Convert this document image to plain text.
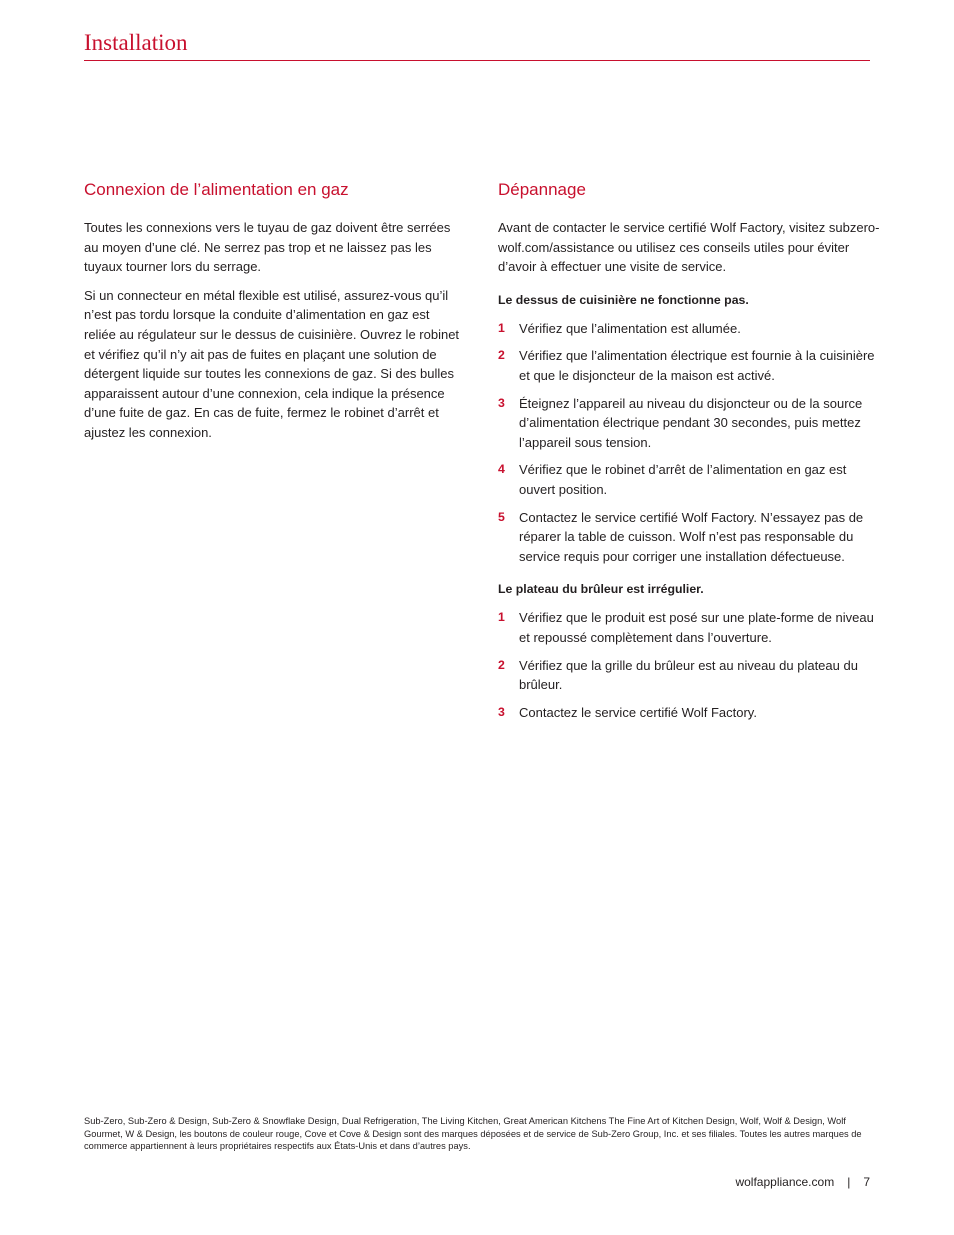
Installation
Connexion de l’alimentation en gaz

Toutes les connexions vers le tuyau de gaz doivent être serrées au moyen d’une clé. Ne serrez pas trop et ne laissez pas les tuyaux tourner lors du serrage.

Si un connecteur en métal flexible est utilisé, assurez-vous qu’il n’est pas tordu lorsque la conduite d’alimentation en gaz est reliée au régulateur sur le dessus de cuisinière. Ouvrez le robinet et vérifiez qu’il n’y ait pas de fuites en plaçant une solution de détergent liquide sur toutes les connexions de gaz. Si des bulles apparaissent autour d’une connexion, cela indique la présence d’une fuite de gaz. En cas de fuite, fermez le robinet d’arrêt et ajustez les connexion.

Dépannage

Avant de contacter le service certifié Wolf Factory, visitez subzero-wolf.com/assistance ou utilisez ces conseils utiles pour éviter d’avoir à effectuer une visite de service.

Le dessus de cuisinière ne fonctionne pas.
1	Vérifiez que l’alimentation est allumée.
2	Vérifiez que l’alimentation électrique est fournie à la cuisinière et que le disjoncteur de la maison est activé.
3	Éteignez l’appareil au niveau du disjoncteur ou de la source d’alimentation électrique pendant 30 secondes, puis mettez l’appareil sous tension.
4	Vérifiez que le robinet d’arrêt de l’alimentation en gaz est ouvert position.
5	Contactez le service certifié Wolf Factory. N’essayez pas de réparer la table de cuisson. Wolf n’est pas responsable du service requis pour corriger une installation défectueuse.
Le plateau du brûleur est irrégulier.
1	Vérifiez que le produit est posé sur une plate-forme de niveau et repoussé complètement dans l’ouverture.
2	Vérifiez que la grille du brûleur est au niveau du plateau du brûleur.
3	Contactez le service certifié Wolf Factory.

Sub-Zero, Sub-Zero & Design, Sub-Zero & Snowflake Design, Dual Refrigeration, The Living Kitchen, Great American Kitchens The Fine Art of Kitchen Design, Wolf, Wolf & Design, Wolf Gourmet, W & Design, les boutons de couleur rouge, Cove et Cove & Design sont des marques déposées et de service de Sub-Zero Group, Inc. et ses filiales. Toutes les autres marques de commerce appartiennent à leurs propriétaires respectifs aux États-Unis et dans d’autres pays.

wolfappliance.com | 7
